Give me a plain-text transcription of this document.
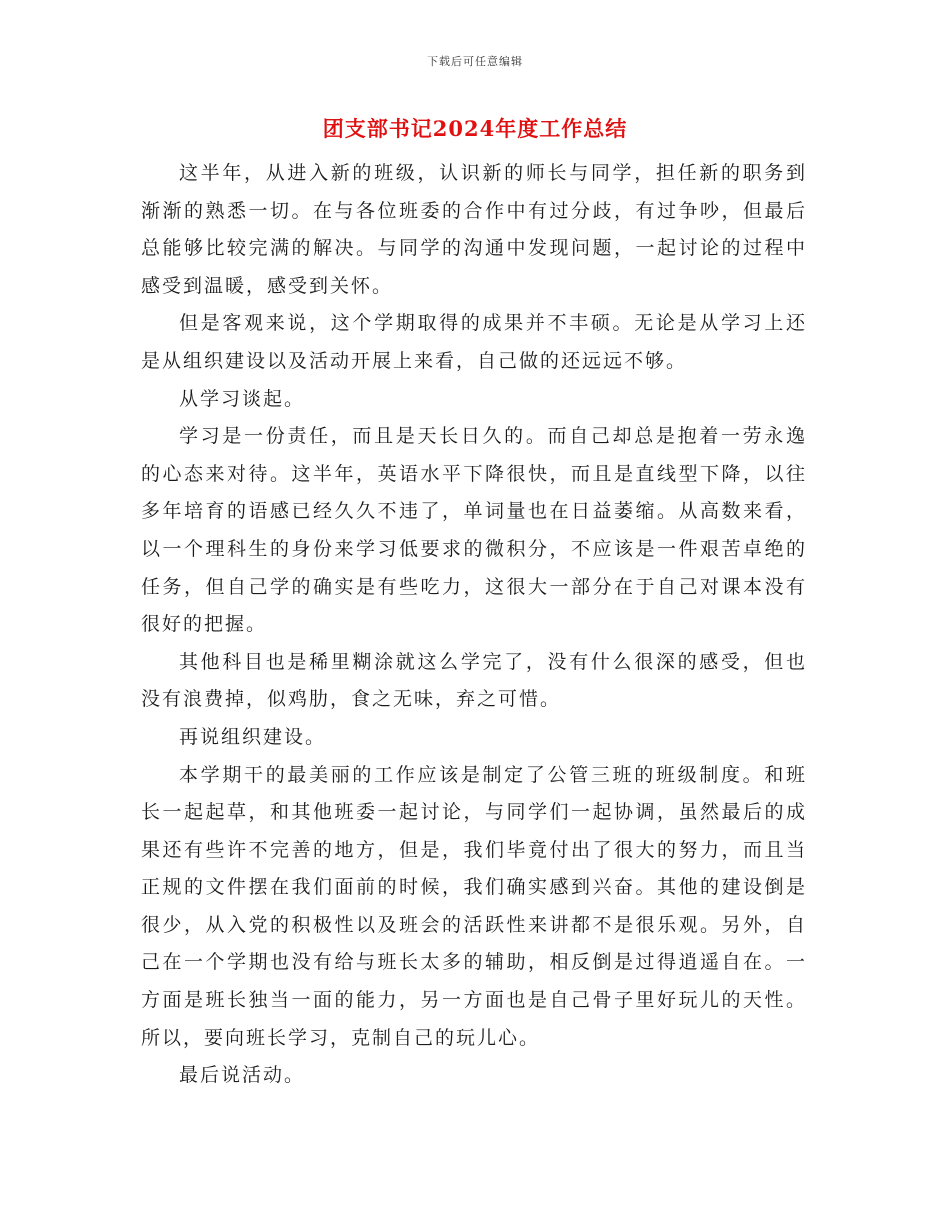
下载后可任意编辑
团支部书记2024年度工作总结

这半年，从进入新的班级，认识新的师长与同学，担任新的职务到渐渐的熟悉一切。在与各位班委的合作中有过分歧，有过争吵，但最后总能够比较完满的解决。与同学的沟通中发现问题，一起讨论的过程中感受到温暖，感受到关怀。

但是客观来说，这个学期取得的成果并不丰硕。无论是从学习上还是从组织建设以及活动开展上来看，自己做的还远远不够。

从学习谈起。

学习是一份责任，而且是天长日久的。而自己却总是抱着一劳永逸的心态来对待。这半年，英语水平下降很快，而且是直线型下降，以往多年培育的语感已经久久不违了，单词量也在日益萎缩。从高数来看，以一个理科生的身份来学习低要求的微积分，不应该是一件艰苦卓绝的任务，但自己学的确实是有些吃力，这很大一部分在于自己对课本没有很好的把握。

其他科目也是稀里糊涂就这么学完了，没有什么很深的感受，但也没有浪费掉，似鸡肋，食之无味，弃之可惜。

再说组织建设。

本学期干的最美丽的工作应该是制定了公管三班的班级制度。和班长一起起草，和其他班委一起讨论，与同学们一起协调，虽然最后的成果还有些许不完善的地方，但是，我们毕竟付出了很大的努力，而且当正规的文件摆在我们面前的时候，我们确实感到兴奋。其他的建设倒是很少，从入党的积极性以及班会的活跃性来讲都不是很乐观。另外，自己在一个学期也没有给与班长太多的辅助，相反倒是过得逍遥自在。一方面是班长独当一面的能力，另一方面也是自己骨子里好玩儿的天性。所以，要向班长学习，克制自己的玩儿心。

最后说活动。
